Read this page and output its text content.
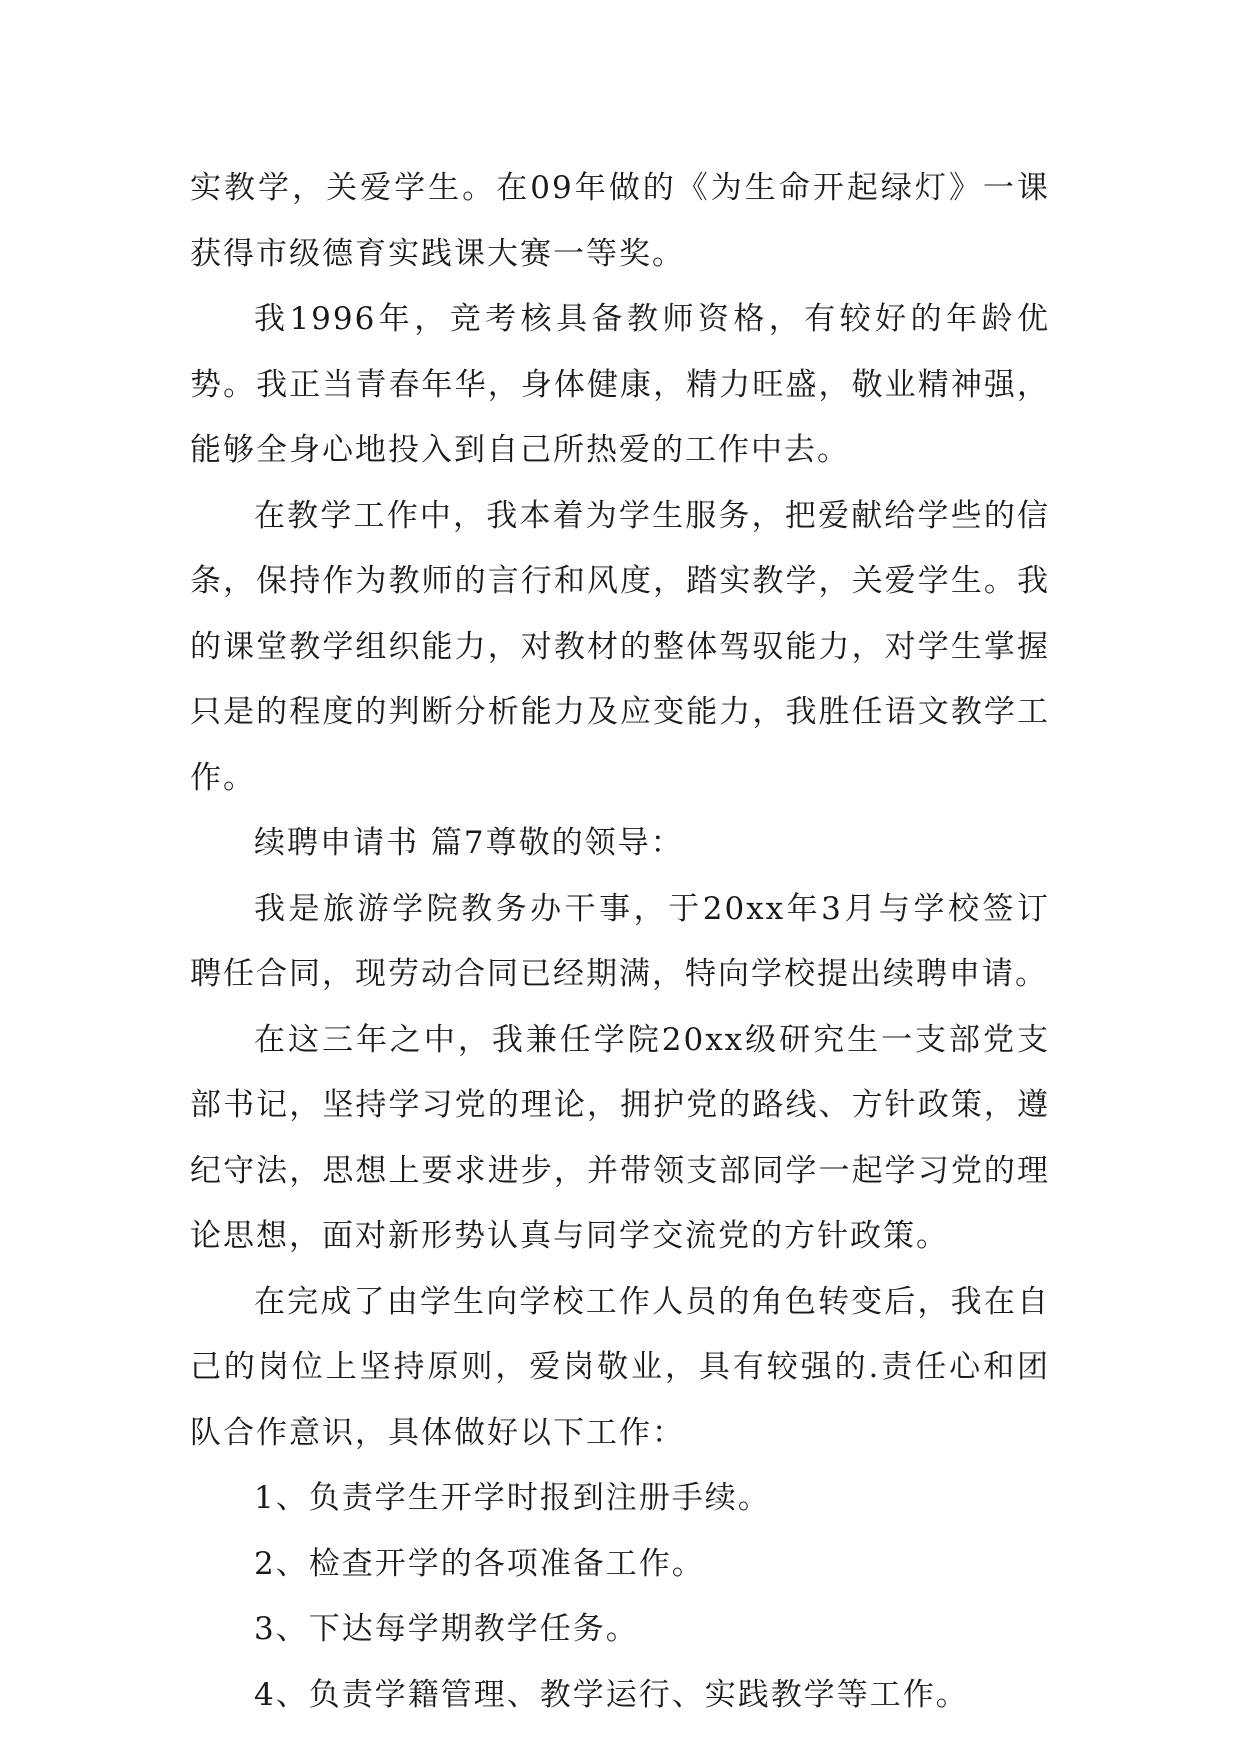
实教学，关爱学生。在09年做的《为生命开起绿灯》一课获得市级德育实践课大赛一等奖。

我1996年，竞考核具备教师资格，有较好的年龄优势。我正当青春年华，身体健康，精力旺盛，敬业精神强，能够全身心地投入到自己所热爱的工作中去。

在教学工作中，我本着为学生服务，把爱献给学些的信条，保持作为教师的言行和风度，踏实教学，关爱学生。我的课堂教学组织能力，对教材的整体驾驭能力，对学生掌握只是的程度的判断分析能力及应变能力，我胜任语文教学工作。

续聘申请书 篇7尊敬的领导：

我是旅游学院教务办干事，于20xx年3月与学校签订聘任合同，现劳动合同已经期满，特向学校提出续聘申请。

在这三年之中，我兼任学院20xx级研究生一支部党支部书记，坚持学习党的理论，拥护党的路线、方针政策，遵纪守法，思想上要求进步，并带领支部同学一起学习党的理论思想，面对新形势认真与同学交流党的方针政策。

在完成了由学生向学校工作人员的角色转变后，我在自己的岗位上坚持原则，爱岗敬业，具有较强的.责任心和团队合作意识，具体做好以下工作：

1、负责学生开学时报到注册手续。

2、检查开学的各项准备工作。

3、下达每学期教学任务。

4、负责学籍管理、教学运行、实践教学等工作。
